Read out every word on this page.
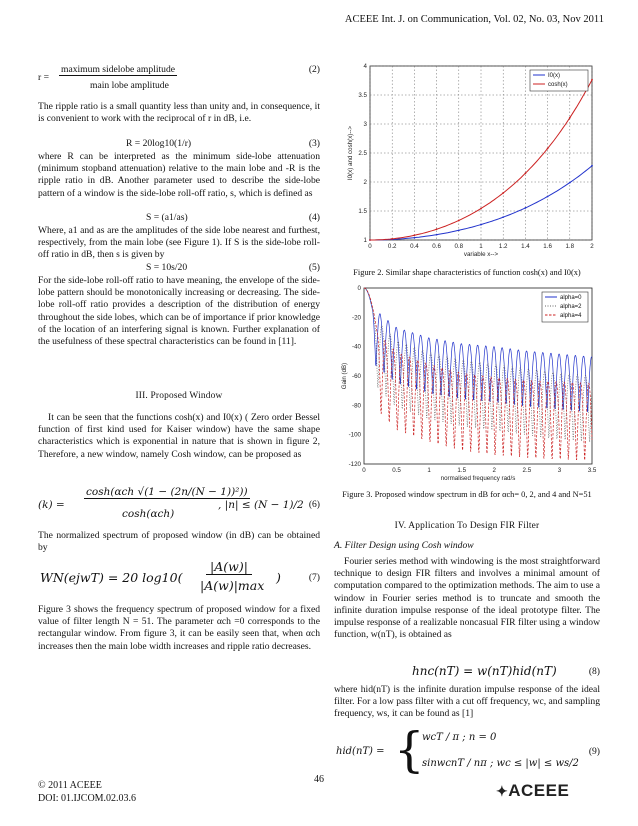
ACEEE Int. J. on Communication, Vol. 02, No. 03, Nov 2011
r =
maximum sidelobe amplitude
main lobe amplitude
(2)
The ripple ratio is a small quantity less than unity and, in consequence, it is convenient to work with the reciprocal of r in dB, i.e.
R = 20log10(1/r)	(3)
where R can be interpreted as the minimum side-lobe attenuation (minimum stopband attenuation) relative to the main lobe and -R is the ripple ratio in dB. Another parameter used to describe the side-lobe pattern of a window is the side-lobe roll-off ratio, s, which is defined as
S = (a1/as)	(4)
Where, a1 and as are the amplitudes of the side lobe nearest and furthest, respectively, from the main lobe (see Figure 1). If S is the side-lobe roll-off ratio in dB, then s is given by
S = 10s/20	(5)
For the side-lobe roll-off ratio to have meaning, the envelope of the side-lobe pattern should be monotonically increasing or decreasing. The side-lobe roll-off ratio provides a description of the distribution of energy throughout the side lobes, which can be of importance if prior knowledge of the location of an interfering signal is known. Further explanation of the usefulness of these spectral characteristics can be found in [11].
III. Proposed Window
It can be seen that the functions cosh(x) and I0(x) ( Zero order Bessel function of first kind used for Kaiser window) have the same shape characteristics which is exponential in nature that is shown in figure 2, Therefore, a new window, namely Cosh window, can be proposed as
(k) =
cosh(αch √(1 − (2n/(N − 1))²))
cosh(αch)
, |n| ≤ (N − 1)/2 (6)
The normalized spectrum of proposed window (in dB) can be obtained by
WN(ejwT) = 20 log10(
|A(w)|
|A(w)|max
)	(7)
Figure 3 shows the frequency spectrum of proposed window for a fixed value of filter length N = 51. The parameter αch =0 corresponds to the rectangular window. From figure 3, it can be easily seen that, when αch increases then the main lobe width increases and ripple ratio decreases.
0	0.2 0.4 0.6 0.8	1	1.2 1.4 1.6 1.8	2
1
1.5
2
2.5
3
3.5
4
variable x-->
I0(x) and cosh(x)-->
I0(x)
cosh(x)
Figure 2. Similar shape characteristics of function cosh(x) and I0(x)
0	0.5	1	1.5	2	2.5	3	3.5
0
-20
-40
-60
-80
-100
-120
normalised frequency rad/s
Gain (dB)
alpha=0
alpha=2
alpha=4
Figure 3. Proposed window spectrum in dB for αch= 0, 2, and 4 and N=51
IV. Application To Design FIR Filter
A. Filter Design using Cosh window
Fourier series method with windowing is the most straightforward technique to design FIR filters and involves a minimal amount of computation compared to the optimization methods. The aim to use a window in Fourier series method is to truncate and smooth the infinite duration impulse response of the ideal prototype filter. The impulse response of a realizable noncasual FIR filter using a window function, w(nT), is obtained as
hnc(nT) = w(nT)hid(nT)	(8)
where hid(nT) is the infinite duration impulse response of the ideal filter. For a low pass filter with a cut off frequency, wc, and sampling frequency, ws, it can be found as [1]
hid(nT) = {
wcT / π ; n = 0
sinwcnT / nπ ; wc ≤ |w| ≤ ws/2
(9)
© 2011 ACEEE
DOI: 01.IJCOM.02.03.6
46
✦ACEEE
